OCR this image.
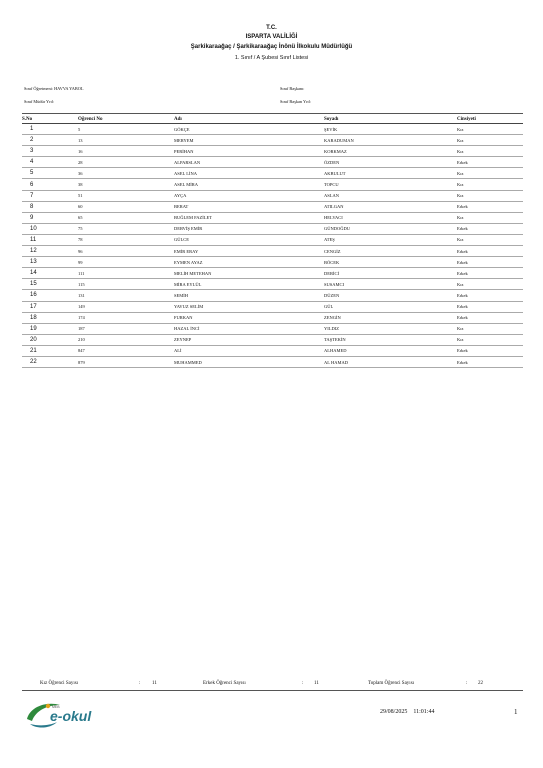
T.C.
ISPARTA VALİLİĞİ
Şarkikaraağaç / Şarkikaraağaç İnönü İlkokulu Müdürlüğü
1. Sınıf / A Şubesi Sınıf Listesi
Sınıf Öğretmeni: HAVVA YABOL	Sınıf Başkanı:
Sınıf Müdür Yrd:	Sınıf Başkan Yrd:
S.No	Öğrenci No	Adı	Soyadı	Cinsiyeti
1	5	GÖKÇE	ŞEVİK	Kız
2	13	MERYEM	KARADUMAN	Kız
3	16	PERİHAN	KORKMAZ	Kız
4	28	ALPARSLAN	ÖZDEN	Erkek
5	36	ASEL LİNA	AKBULUT	Kız
6	38	ASEL MİRA	TOPCU	Kız
7	51	AYÇA	ASLAN	Kız
8	60	BERAT	ATILGAN	Erkek
9	65	BUĞLEM FAZİLET	HELVACI	Kız
10	75	DERVİŞ EMİR	GÜNDOĞDU	Erkek
11	78	GÜLCE	ATEŞ	Kız
12	96	EMİR ERAY	CENGİZ	Erkek
13	99	EYMEN AYAZ	BÖCEK	Erkek
14	111	MELİH METEHAN	DERİCİ	Erkek
15	115	MİRA EYLÜL	SUSAMCI	Kız
16	131	SEMİH	DÜZEN	Erkek
17	149	YAVUZ SELİM	GÜL	Erkek
18	174	FURKAN	ZENGİN	Erkek
19	187	HAZAL İNCİ	YILDIZ	Kız
20	210	ZEYNEP	TAŞTEKİN	Kız
21	847	ALİ	ALHAMED	Erkek
22	879	MUHAMMED	AL HAMAD	Erkek
Kız Öğrenci Sayısı	: 11	Erkek Öğrenci Sayısı	: 11	Toplam Öğrenci Sayısı	: 22
MEB
e-okul	29/08/2025    11:01:44	1
